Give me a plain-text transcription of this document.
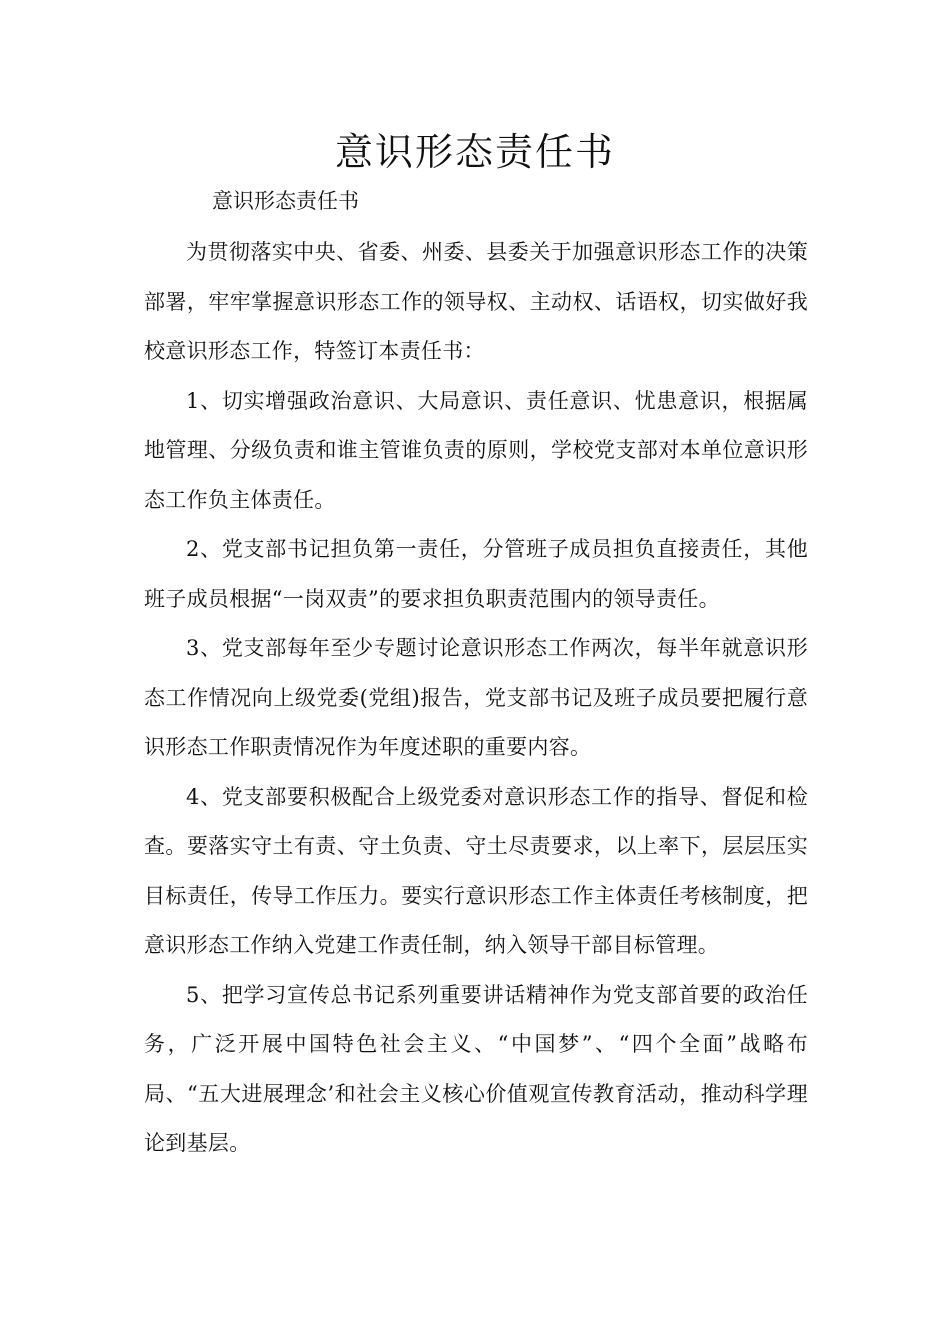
意识形态责任书

意识形态责任书

为贯彻落实中央、省委、州委、县委关于加强意识形态工作的决策部署，牢牢掌握意识形态工作的领导权、主动权、话语权，切实做好我校意识形态工作，特签订本责任书：

1、切实增强政治意识、大局意识、责任意识、忧患意识，根据属地管理、分级负责和谁主管谁负责的原则，学校党支部对本单位意识形态工作负主体责任。

2、党支部书记担负第一责任，分管班子成员担负直接责任，其他班子成员根据“一岗双责”的要求担负职责范围内的领导责任。

3、党支部每年至少专题讨论意识形态工作两次，每半年就意识形态工作情况向上级党委(党组)报告，党支部书记及班子成员要把履行意识形态工作职责情况作为年度述职的重要内容。

4、党支部要积极配合上级党委对意识形态工作的指导、督促和检查。要落实守土有责、守土负责、守土尽责要求，以上率下，层层压实目标责任，传导工作压力。要实行意识形态工作主体责任考核制度，把意识形态工作纳入党建工作责任制，纳入领导干部目标管理。

5、把学习宣传总书记系列重要讲话精神作为党支部首要的政治任务，广泛开展中国特色社会主义、“中国梦”、“四个全面”战略布局、“五大进展理念’和社会主义核心价值观宣传教育活动，推动科学理论到基层。
